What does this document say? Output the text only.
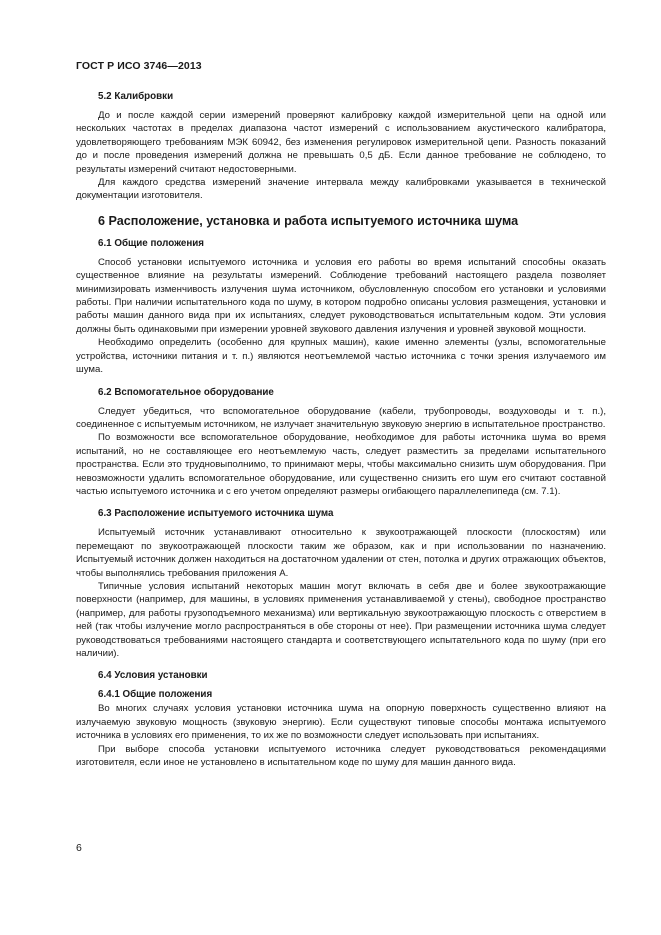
ГОСТ Р ИСО 3746—2013
5.2 Калибровки

До и после каждой серии измерений проверяют калибровку каждой измерительной цепи на одной или нескольких частотах в пределах диапазона частот измерений с использованием акустического калибратора, удовлетворяющего требованиям МЭК 60942, без изменения регулировок измерительной цепи. Разность показаний до и после проведения измерений должна не превышать 0,5 дБ. Если данное требование не соблюдено, то результаты измерений считают недостоверными.

Для каждого средства измерений значение интервала между калибровками указывается в технической документации изготовителя.

6 Расположение, установка и работа испытуемого источника шума
6.1 Общие положения

Способ установки испытуемого источника и условия его работы во время испытаний способны оказать существенное влияние на результаты измерений. Соблюдение требований настоящего раздела позволяет минимизировать изменчивость излучения шума источником, обусловленную способом его установки и условиями работы. При наличии испытательного кода по шуму, в котором подробно описаны условия размещения, установки и работы машин данного вида при их испытаниях, следует руководствоваться испытательным кодом. Эти условия должны быть одинаковыми при измерении уровней звукового давления излучения и уровней звуковой мощности.

Необходимо определить (особенно для крупных машин), какие именно элементы (узлы, вспомогательные устройства, источники питания и т. п.) являются неотъемлемой частью источника с точки зрения излучаемого им шума.

6.2 Вспомогательное оборудование

Следует убедиться, что вспомогательное оборудование (кабели, трубопроводы, воздуховоды и т. п.), соединенное с испытуемым источником, не излучает значительную звуковую энергию в испытательное пространство.

По возможности все вспомогательное оборудование, необходимое для работы источника шума во время испытаний, но не составляющее его неотъемлемую часть, следует разместить за пределами испытательного пространства. Если это трудновыполнимо, то принимают меры, чтобы максимально снизить шум оборудования. При невозможности удалить вспомогательное оборудование, или существенно снизить его шум его считают составной частью испытуемого источника и с его учетом определяют размеры огибающего параллелепипеда (см. 7.1).

6.3 Расположение испытуемого источника шума

Испытуемый источник устанавливают относительно к звукоотражающей плоскости (плоскостям) или перемещают по звукоотражающей плоскости таким же образом, как и при использовании по назначению. Испытуемый источник должен находиться на достаточном удалении от стен, потолка и других отражающих объектов, чтобы выполнялись требования приложения А.

Типичные условия испытаний некоторых машин могут включать в себя две и более звукоотражающие поверхности (например, для машины, в условиях применения устанавливаемой у стены), свободное пространство (например, для работы грузоподъемного механизма) или вертикальную звукоотражающую плоскость с отверстием в ней (так чтобы излучение могло распространяться в обе стороны от нее). При размещении источника шума следует руководствоваться требованиями настоящего стандарта и соответствующего испытательного кода по шуму (при его наличии).

6.4 Условия установки
6.4.1 Общие положения

Во многих случаях условия установки источника шума на опорную поверхность существенно влияют на излучаемую звуковую мощность (звуковую энергию). Если существуют типовые способы монтажа испытуемого источника в условиях его применения, то их же по возможности следует использовать при испытаниях.

При выборе способа установки испытуемого источника следует руководствоваться рекомендациями изготовителя, если иное не установлено в испытательном коде по шуму для машин данного вида.

6
